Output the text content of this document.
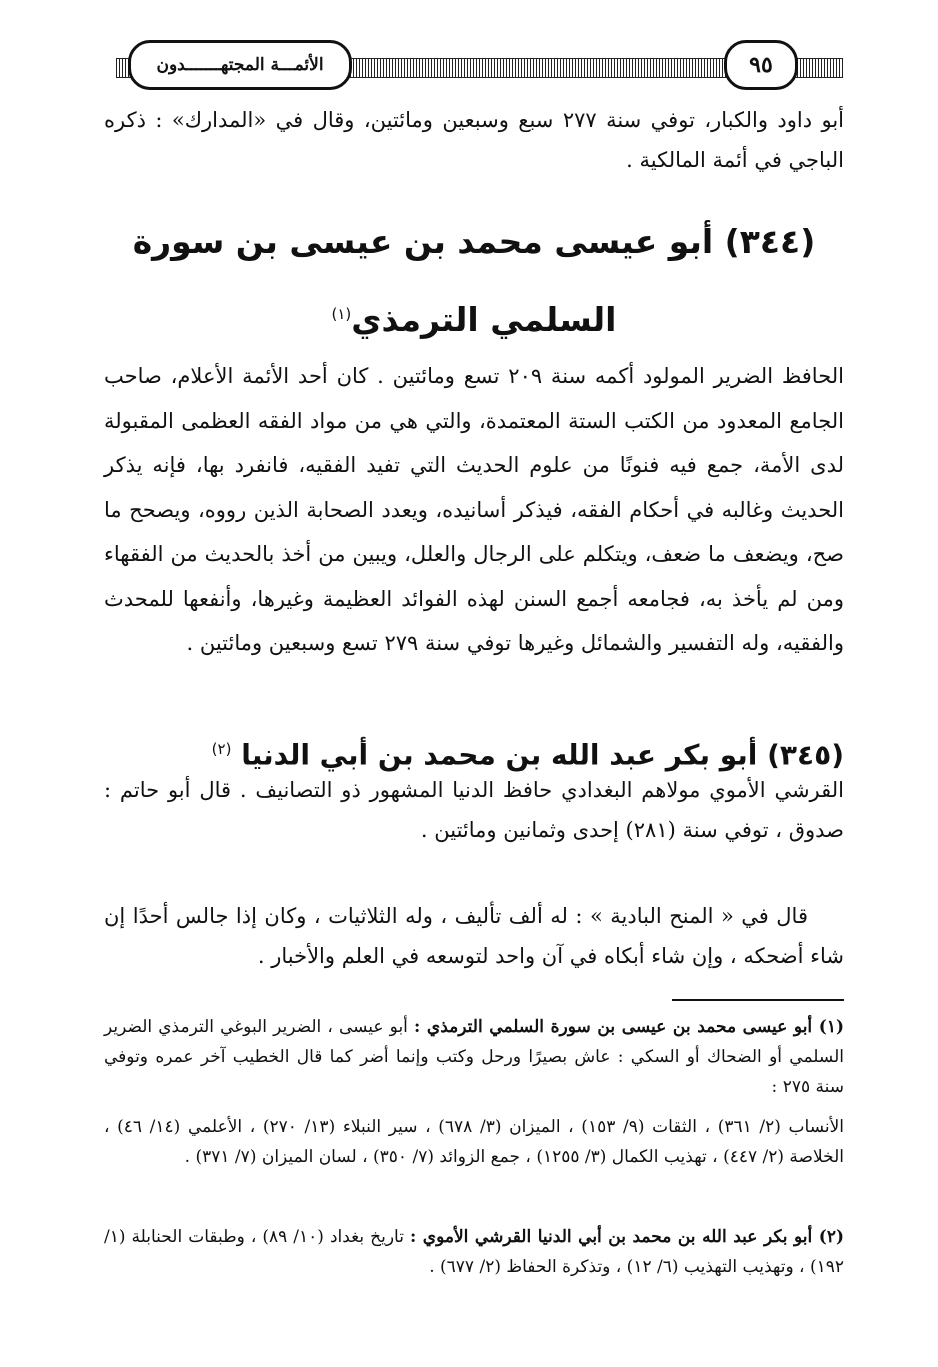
الأئمـــة المجتهـــــــدون	٩٥
أبو داود والكبار، توفي سنة ٢٧٧ سبع وسبعين ومائتين، وقال في «المدارك» : ذكره الباجي في أئمة المالكية .
(٣٤٤) أبو عيسى محمد بن عيسى بن سورة
السلمي الترمذي$^{(١)}$
الحافظ الضرير المولود أكمه سنة ٢٠٩ تسع ومائتين . كان أحد الأئمة الأعلام، صاحب الجامع المعدود من الكتب الستة المعتمدة، والتي هي من مواد الفقه العظمى المقبولة لدى الأمة، جمع فيه فنونًا من علوم الحديث التي تفيد الفقيه، فانفرد بها، فإنه يذكر الحديث وغالبه في أحكام الفقه، فيذكر أسانيده، ويعدد الصحابة الذين رووه، ويصحح ما صح، ويضعف ما ضعف، ويتكلم على الرجال والعلل، ويبين من أخذ بالحديث من الفقهاء ومن لم يأخذ به، فجامعه أجمع السنن لهذه الفوائد العظيمة وغيرها، وأنفعها للمحدث والفقيه، وله التفسير والشمائل وغيرها توفي سنة ٢٧٩ تسع وسبعين ومائتين .
(٣٤٥) أبو بكر عبد الله بن محمد بن أبي الدنيا $^{(٢)}$
القرشي الأموي مولاهم البغدادي حافظ الدنيا المشهور ذو التصانيف . قال أبو حاتم : صدوق ، توفي سنة (٢٨١) إحدى وثمانين ومائتين .
قال في « المنح البادية » : له ألف تأليف ، وله الثلاثيات ، وكان إذا جالس أحدًا إن شاء أضحكه ، وإن شاء أبكاه في آن واحد لتوسعه في العلم والأخبار .
(١) أبو عيسى محمد بن عيسى بن سورة السلمي الترمذي : أبو عيسى ، الضرير البوغي الترمذي الضرير السلمي أو الضحاك أو السكي : عاش بصيرًا ورحل وكتب وإنما أضر كما قال الخطيب آخر عمره وتوفي سنة ٢٧٥ :
الأنساب (٢/ ٣٦١) ، الثقات (٩/ ١٥٣) ، الميزان (٣/ ٦٧٨) ، سير النبلاء (١٣/ ٢٧٠) ، الأعلمي (١٤/ ٤٦) ، الخلاصة (٢/ ٤٤٧) ، تهذيب الكمال (٣/ ١٢٥٥) ، جمع الزوائد (٧/ ٣٥٠) ، لسان الميزان (٧/ ٣٧١) .
(٢) أبو بكر عبد الله بن محمد بن أبي الدنيا القرشي الأموي : تاريخ بغداد (١٠/ ٨٩) ، وطبقات الحنابلة (١/ ١٩٢) ، وتهذيب التهذيب (٦/ ١٢) ، وتذكرة الحفاظ (٢/ ٦٧٧) .
